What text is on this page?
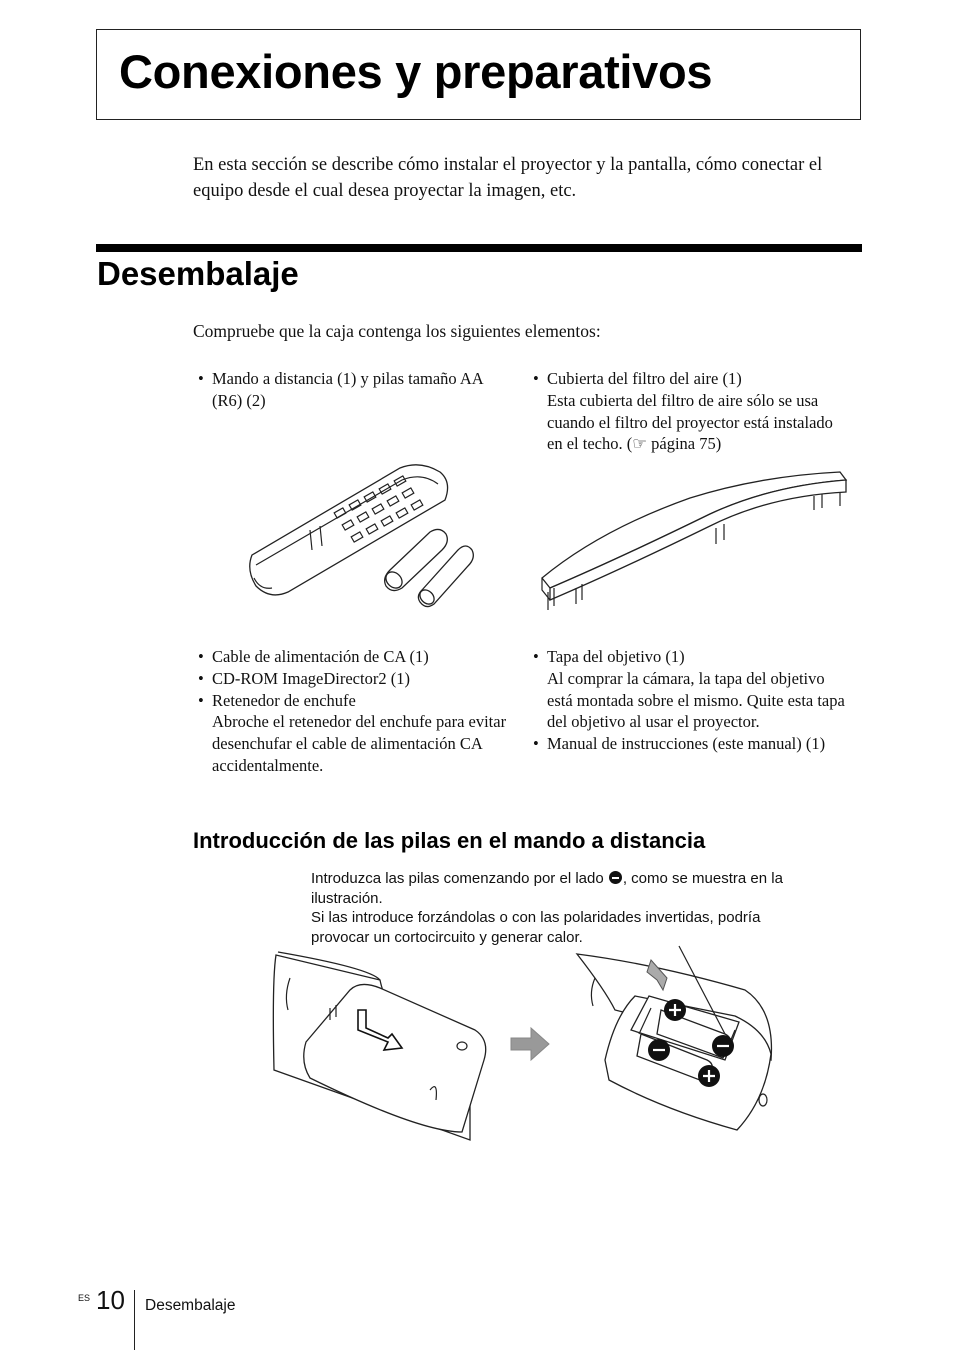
Conexiones y preparativos
En esta sección se describe cómo instalar el proyector y la pantalla, cómo conectar el equipo desde el cual desea proyectar la imagen, etc.
Desembalaje
Compruebe que la caja contenga los siguientes elementos:
• Mando a distancia (1) y pilas tamaño AA (R6) (2)
• Cubierta del filtro del aire (1)
Esta cubierta del filtro de aire sólo se usa cuando el filtro del proyector está instalado en el techo. (☞ página 75)
• Cable de alimentación de CA (1)
• CD-ROM ImageDirector2 (1)
• Retenedor de enchufe
Abroche el retenedor del enchufe para evitar desenchufar el cable de alimentación CA accidentalmente.
• Tapa del objetivo (1)
Al comprar la cámara, la tapa del objetivo está montada sobre el mismo. Quite esta tapa del objetivo al usar el proyector.
• Manual de instrucciones (este manual) (1)
Introducción de las pilas en el mando a distancia
Introduzca las pilas comenzando por el lado , como se muestra en la ilustración.
Si las introduce forzándolas o con las polaridades invertidas, podría provocar un cortocircuito y generar calor.
ES 10 Desembalaje
